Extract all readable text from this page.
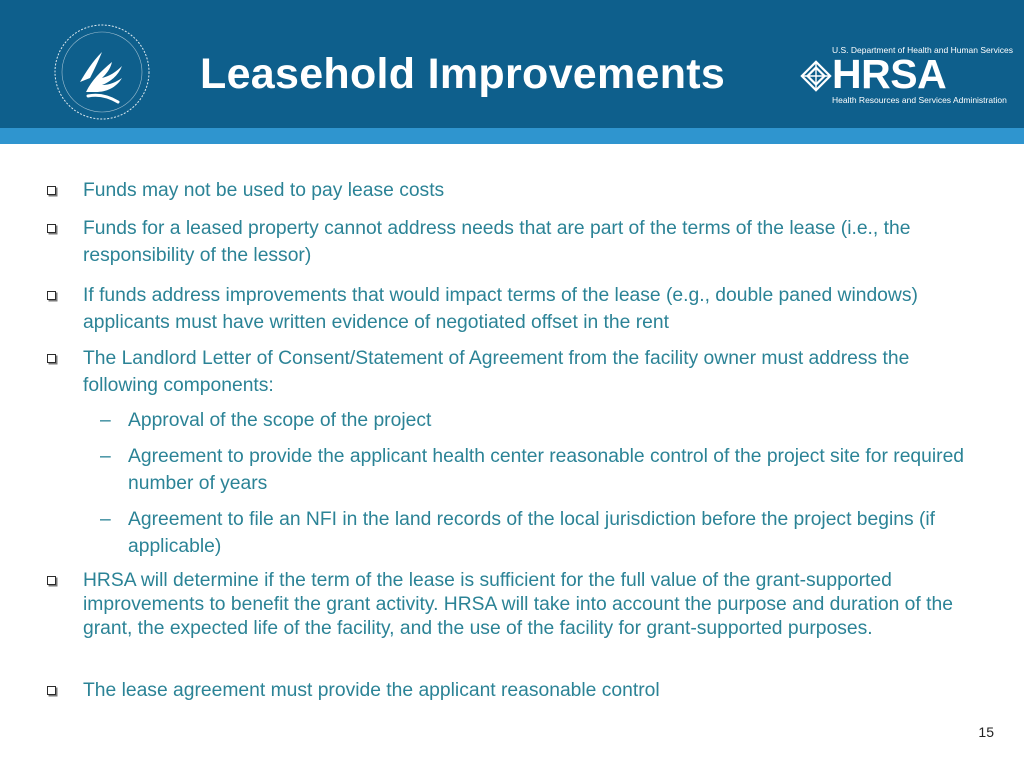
Leasehold Improvements	U.S. Department of Health and Human Services
HRSA
Health Resources and Services Administration
Funds may not be used to pay lease costs
Funds for a leased property cannot address needs that are part of the terms of the lease (i.e., the responsibility of the lessor)
If funds address improvements that would impact terms of the lease (e.g., double paned windows) applicants must have written evidence of negotiated offset in the rent
The Landlord Letter of Consent/Statement of Agreement from the facility owner must address the following components:
– Approval of the scope of the project
– Agreement to provide the applicant health center reasonable control of the project site for required number of years
– Agreement to file an NFI in the land records of the local jurisdiction before the project begins (if applicable)
HRSA will determine if the term of the lease is sufficient for the full value of the grant-supported improvements to benefit the grant activity. HRSA will take into account the purpose and duration of the grant, the expected life of the facility, and the use of the facility for grant-supported purposes.
The lease agreement must provide the applicant reasonable control
15
